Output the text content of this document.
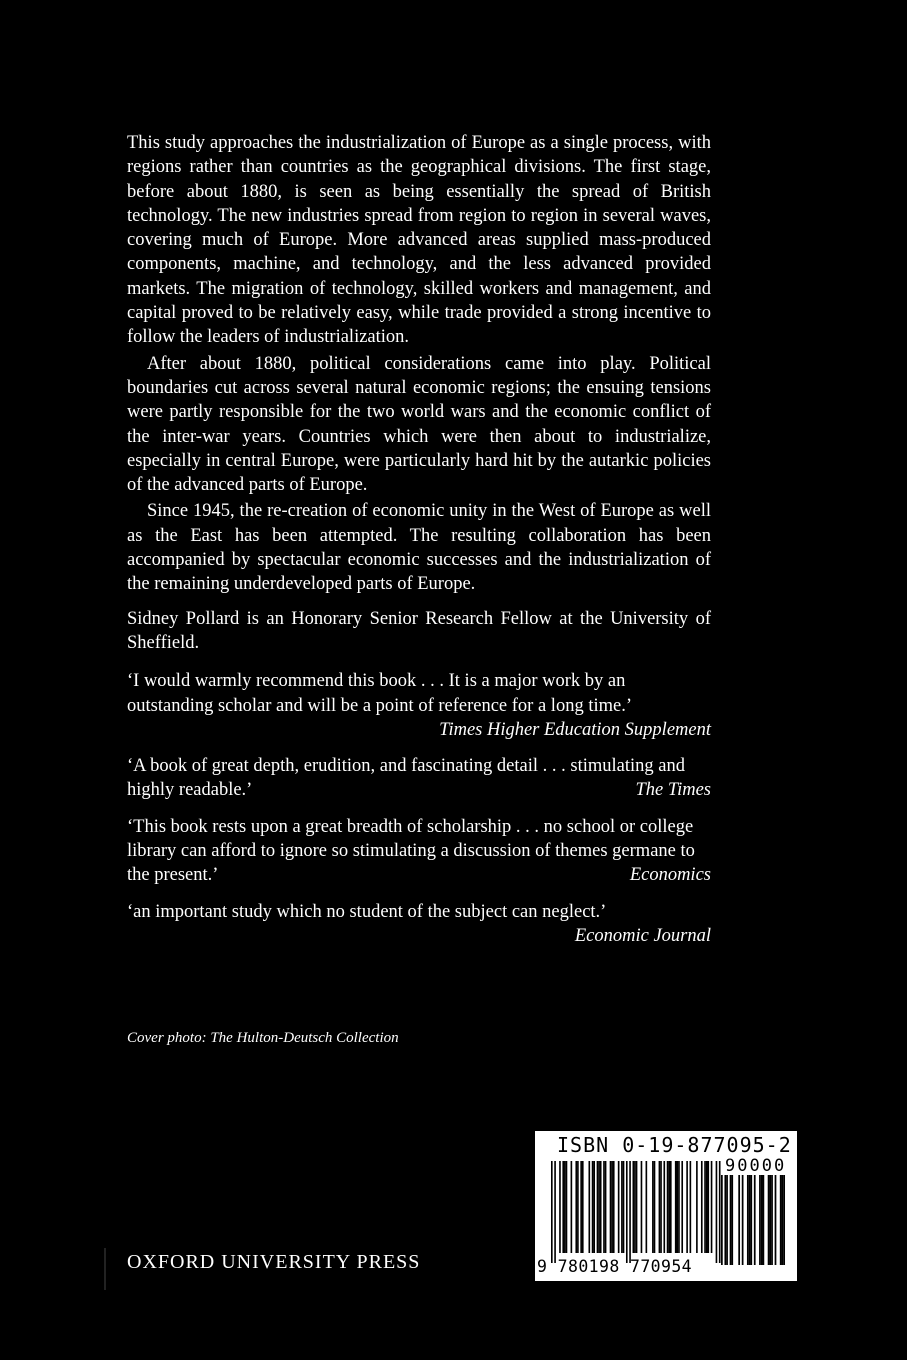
This study approaches the industrialization of Europe as a single process, with regions rather than countries as the geographical divisions. The first stage, before about 1880, is seen as being essentially the spread of British technology. The new industries spread from region to region in several waves, covering much of Europe. More advanced areas supplied mass-produced components, machine, and technology, and the less advanced provided markets. The migration of technology, skilled workers and management, and capital proved to be relatively easy, while trade provided a strong incentive to follow the leaders of industrialization.

After about 1880, political considerations came into play. Political boundaries cut across several natural economic regions; the ensuing tensions were partly responsible for the two world wars and the economic conflict of the inter-war years. Countries which were then about to industrialize, especially in central Europe, were particularly hard hit by the autarkic policies of the advanced parts of Europe.

Since 1945, the re-creation of economic unity in the West of Europe as well as the East has been attempted. The resulting collaboration has been accompanied by spectacular economic successes and the industrialization of the remaining underdeveloped parts of Europe.

Sidney Pollard is an Honorary Senior Research Fellow at the University of Sheffield.

‘I would warmly recommend this book . . . It is a major work by an outstanding scholar and will be a point of reference for a long time.’
Times Higher Education Supplement
‘A book of great depth, erudition, and fascinating detail . . . stimulating and highly readable.’	The Times
‘This book rests upon a great breadth of scholarship . . . no school or college library can afford to ignore so stimulating a discussion of themes germane to the present.’	Economics
‘an important study which no student of the subject can neglect.’
Economic Journal
Cover photo: The Hulton-Deutsch Collection
OXFORD UNIVERSITY PRESS
ISBN 0-19-877095-2
90000
9 780198 770954
